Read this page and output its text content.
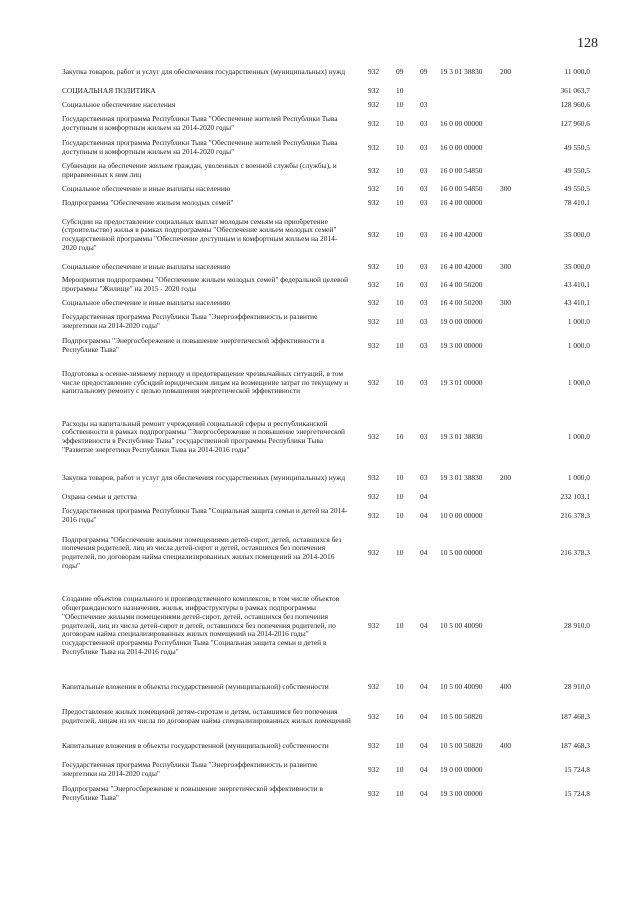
128
Закупка товаров, работ и услуг для обеспечения государственных (муниципальных) нужд	932	09	09	19 3 01 38830	200	11 000,0
СОЦИАЛЬНАЯ ПОЛИТИКА	932	10				361 063,7
Социальное обеспечение населения	932	10	03			128 960,6
Государственная программа Республики Тыва "Обеспечение жителей Республики Тыва доступным и комфортным жильем на 2014-2020 годы"	932	10	03	16 0 00 00000		127 960,6
Государственная программа Республики Тыва "Обеспечение жителей Республики Тыва доступным и комфортным жильем на 2014-2020 годы"	932	10	03	16 0 00 00000		49 550,5
Субвенции на обеспечение жильем граждан, уволенных с военной службы (службы), и приравненных к ним лиц	932	10	03	16 0 00 54850		49 550,5
Социальное обеспечение и иные выплаты населению	932	10	03	16 0 00 54850	300	49 550,5
Подпрограмма "Обеспечение жильем молодых семей"	932	10	03	16 4 00 00000		78 410,1
Субсидии на предоставление социальных выплат молодым семьям на приобретение (строительство) жилья в рамках подпрограммы "Обеспечение жильем молодых семей" государственной программы "Обеспечение доступным и комфортным жильем на 2014-2020 годы"	932	10	03	16 4 00 42000		35 000,0
Социальное обеспечение и иные выплаты населению	932	10	03	16 4 00 42000	300	35 000,0
Мероприятия подпрограммы "Обеспечение жильем молодых семей" федеральной целевой программы "Жилище" на 2015 - 2020 годы	932	10	03	16 4 00 50200		43 410,1
Социальное обеспечение и иные выплаты населению	932	10	03	16 4 00 50200	300	43 410,1
Государственная программа Республики Тыва "Энергоэффективность и развитие энергетики на 2014-2020 годы"	932	10	03	19 0 00 00000		1 000,0
Подпрограммы "Энергосбережение и повышение энергетической эффективности в Республике Тыва"	932	10	03	19 3 00 00000		1 000,0
Подготовка к осенне-зимнему периоду и предотвращение чрезвычайных ситуаций, в том числе предоставление субсидий юридическим лицам на возмещение затрат по текущему и капитальному ремонту с целью повышения энергетической эффективности	932	10	03	19 3 01 00000		1 000,0
Расходы на капитальный ремонт учреждений социальной сферы и республиканской собственности в рамках подпрограммы "Энергосбережение и повышение энергетической эффективности в Республике Тыва" государственной программы Республики Тыва "Развитие энергетики Республики Тыва на 2014-2016 годы"	932	10	03	19 3 01 38830		1 000,0
Закупка товаров, работ и услуг для обеспечения государственных (муниципальных) нужд	932	10	03	19 3 01 38830	200	1 000,0
Охрана семьи и детства	932	10	04			232 103,1
Государственная программа Республики Тыва "Социальная защита семьи и детей на 2014-2016 годы"	932	10	04	10 0 00 00000		216 378,3
Подпрограмма "Обеспечение жилыми помещениями детей-сирот, детей, оставшихся без попечения родителей, лиц из числа детей-сирот и детей, оставшихся без попечения родителей, по договорам найма специализированных жилых помещений на 2014-2016 годы"	932	10	04	10 5 00 00000		216 378,3
Создание объектов социального и производственного комплексов, в том числе объектов общегражданского назначения, жилья, инфраструктуры в рамках подпрограммы "Обеспечение жилыми помещениями детей-сирот, детей, оставшихся без попечения родителей, лиц из числа детей-сирот и детей, оставшихся без попечения родителей, по договорам найма специализированных жилых помещений на 2014-2016 годы" государственной программы Республики Тыва "Социальная защита семьи и детей в Республике Тыва на 2014-2016 годы"	932	10	04	10 5 00 40090		28 910,0
Капитальные вложения в объекты государственной (муниципальной) собственности	932	10	04	10 5 00 40090	400	28 910,0
Предоставление жилых помещений детям-сиротам и детям, оставшимся без попечения родителей, лицам из их числа по договорам найма специализированных жилых помещений	932	10	04	10 5 00 50820		187 468,3
Капитальные вложения в объекты государственной (муниципальной) собственности	932	10	04	10 5 00 50820	400	187 468,3
Государственная программа Республики Тыва "Энергоэффективность и развитие энергетики на 2014-2020 годы"	932	10	04	19 0 00 00000		15 724,8
Подпрограмма "Энергосбережение и повышение энергетической эффективности в Республике Тыва"	932	10	04	19 3 00 00000		15 724,8
